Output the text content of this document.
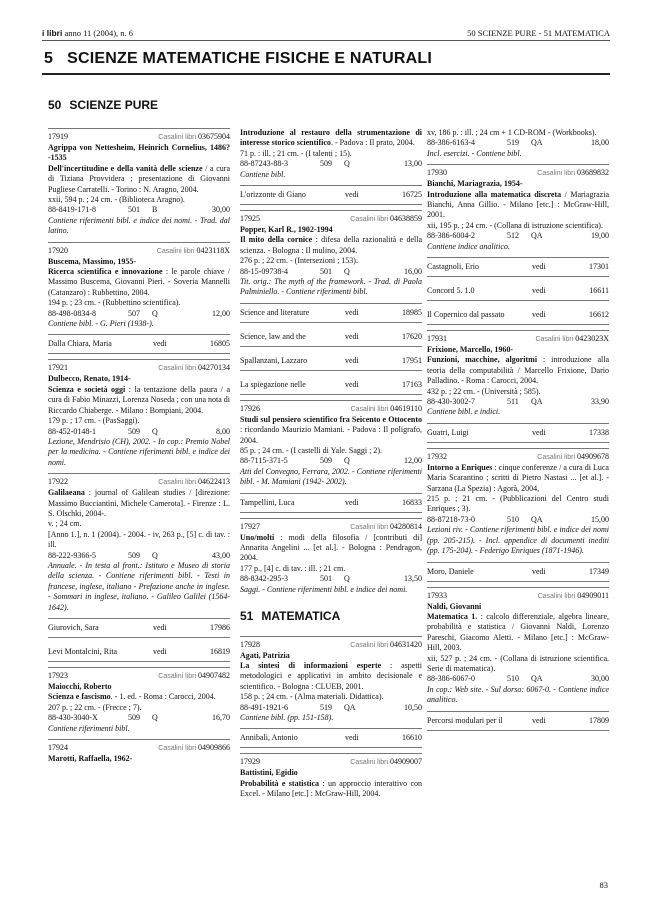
i libri anno 11 (2004), n. 6	50 SCIENZE PURE - 51 MATEMATICA
5 SCIENZE MATEMATICHE FISICHE E NATURALI
50 SCIENZE PURE
17919	Casalini libri 03675904
Agrippa von Nettesheim, Heinrich Cornelius, 1486?-1535
Dell'incertitudine e della vanità delle scienze / a cura di Tiziana Provvidera ; presentazione di Giovanni Pugliese Carratelli. - Torino : N. Aragno, 2004.
xxii, 594 p. ; 24 cm. - (Biblioteca Aragno).
88-8419-171-8	501 B	30,00
Contiene riferimenti bibl. e indice dei nomi. - Trad. dal latino.
17920	Casalini libri 0423118X
Buscema, Massimo, 1955-
Ricerca scientifica e innovazione : le parole chiave / Massimo Buscema, Giovanni Pieri. - Soveria Mannelli (Catanzaro) : Rubbettino, 2004.
194 p. ; 23 cm. - (Rubbettino scientifica).
88-498-0834-8	507 Q	12,00
Contiene bibl. - G. Pieri (1938-).
Dalla Chiara, Maria	vedi	16805
17921	Casalini libri 04270134
Dulbecco, Renato, 1914-
Scienza e società oggi : la tentazione della paura / a cura di Fabio Minazzi, Lorenza Noseda ; con una nota di Riccardo Chiaberge. - Milano : Bompiani, 2004.
179 p. ; 17 cm. - (PasSaggi).
88-452-0148-1	509 Q	8,00
Lezione, Mendrisio (CH), 2002. - In cop.: Premio Nobel per la medicina. - Contiene riferimenti bibl. e indice dei nomi.
17922	Casalini libri 04622413
Galilaeana : journal of Galilean studies / [direzione: Massimo Bucciantini, Michele Camerota]. - Firenze : L. S. Olschki, 2004-.
v. ; 24 cm.
[Anno 1.], n. 1 (2004). - 2004. - iv, 263 p., [5] c. di tav. : ill.
88-222-9366-5	509 Q	43,00
Annuale. - In testa al front.: Istituto e Museo di storia della scienza. - Contiene riferimenti bibl. - Testi in francese, inglese, italiano - Prefazione anche in inglese. - Sommari in inglese, italiano. - Galileo Galilei (1564-1642).
Giurovich, Sara	vedi	17986
Levi Montalcini, Rita	vedi	16819
17923	Casalini libri 04907482
Maiocchi, Roberto
Scienza e fascismo. - 1. ed. - Roma : Carocci, 2004.
207 p. ; 22 cm. - (Frecce ; 7).
88-430-3040-X	509 Q	16,70
Contiene riferimenti bibl.
17924	Casalini libri 04909866
Marotti, Raffaella, 1962-
Introduzione al restauro della strumentazione di interesse storico scientifico. - Padova : Il prato, 2004.
71 p. : ill. ; 21 cm. - (I talenti ; 15).
88-87243-88-3	509 Q	13,00
Contiene bibl.
L'orizzonte di Giano	vedi	16725
17925	Casalini libri 04638859
Popper, Karl R., 1902-1994
Il mito della cornice : difesa della razionalità e della scienza. - Bologna : Il mulino, 2004.
276 p. ; 22 cm. - (Intersezioni ; 153).
88-15-09738-4	501 Q	16,00
Tit. orig.: The myth of the framework. - Trad. di Paola Palminiello. - Contiene riferimenti bibl.
Science and literature	vedi	18985
Science, law and the	vedi	17620
Spallanzani, Lazzaro	vedi	17951
La spiegazione nelle	vedi	17163
17926	Casalini libri 04619110
Studi sul pensiero scientifico fra Seicento e Ottocento : ricordando Maurizio Mamiani. - Padova : Il poligrafo, 2004.
85 p. ; 24 cm. - (I castelli di Yale. Saggi ; 2).
88-7115-371-5	509 Q	12,00
Atti del Convegno, Ferrara, 2002. - Contiene riferimenti bibl. - M. Mamiani (1942- 2002).
Tampellini, Luca	vedi	16833
17927	Casalini libri 04280814
Uno/molti : modi della filosofia / [contributi di] Annarita Angelini ... [et al.]. - Bologna : Pendragon, 2004.
177 p., [4] c. di tav. : ill. ; 21 cm.
88-8342-295-3	501 Q	13,50
Saggi. - Contiene riferimenti bibl. e indice dei nomi.
51 MATEMATICA
17928	Casalini libri 04631420
Agati, Patrizia
La sintesi di informazioni esperte : aspetti metodologici e applicativi in ambito decisionale e scientifico. - Bologna : CLUEB, 2001.
158 p. ; 24 cm. - (Alma materiali. Didattica).
88-491-1921-6	519 QA	10,50
Contiene bibl. (pp. 151-158).
Annibali, Antonio	vedi	16610
17929	Casalini libri 04909007
Battistini, Egidio
Probabilità e statistica : un approccio interattivo con Excel. - Milano [etc.] : McGraw-Hill, 2004.
xv, 186 p. : ill. ; 24 cm + 1 CD-ROM - (Workbooks).
88-386-6163-4	519 QA	18,00
Incl. esercizi. - Contiene bibl.
17930	Casalini libri 03689832
Bianchi, Mariagrazia, 1954-
Introduzione alla matematica discreta / Mariagrazia Bianchi, Anna Gillio. - Milano [etc.] : McGraw-Hill, 2001.
xii, 195 p. ; 24 cm. - (Collana di istruzione scientifica).
88-386-6004-2	512 QA	19,00
Contiene indice analitico.
Castagnoli, Erio	vedi	17301
Concord 5. 1.0	vedi	16611
Il Copernico dal passato	vedi	16612
17931	Casalini libri 0423023X
Frixione, Marcello, 1960-
Funzioni, macchine, algoritmi : introduzione alla teoria della computabilità / Marcello Frixione, Dario Palladino. - Roma : Carocci, 2004.
432 p. ; 22 cm. - (Università ; 585).
88-430-3002-7	511 QA	33,90
Contiene bibl. e indici.
Guatri, Luigi	vedi	17338
17932	Casalini libri 04909678
Intorno a Enriques : cinque conferenze / a cura di Luca Maria Scarantino ; scritti di Pietro Nastasi ... [et al.]. - Sarzana (La Spezia) : Agorà, 2004,
215 p. ; 21 cm. - (Pubblicazioni del Centro studi Enriques ; 3).
88-87218-73-0	510 QA	15,00
Lezioni riv. - Contiene riferimenti bibl. e indice dei nomi (pp. 205-215). - Incl. appendice di documenti inediti (pp. 175-204). - Federigo Enriques (1871-1946).
Moro, Daniele	vedi	17349
17933	Casalini libri 04909011
Naldi, Giovanni
Matematica 1. : calcolo differenziale, algebra lineare, probabilità e statistica / Giovanni Naldi, Lorenzo Pareschi, Giacomo Aletti. - Milano [etc.] : McGraw-Hill, 2003.
xii, 527 p. ; 24 cm. - (Collana di istruzione scientifica. Serie di matematica).
88-386-6067-0	510 QA	30,00
In cop.: Web site. - Sul dorso: 6067-0. - Contiene indice analitico.
Percorsi modulari per il	vedi	17809
83
